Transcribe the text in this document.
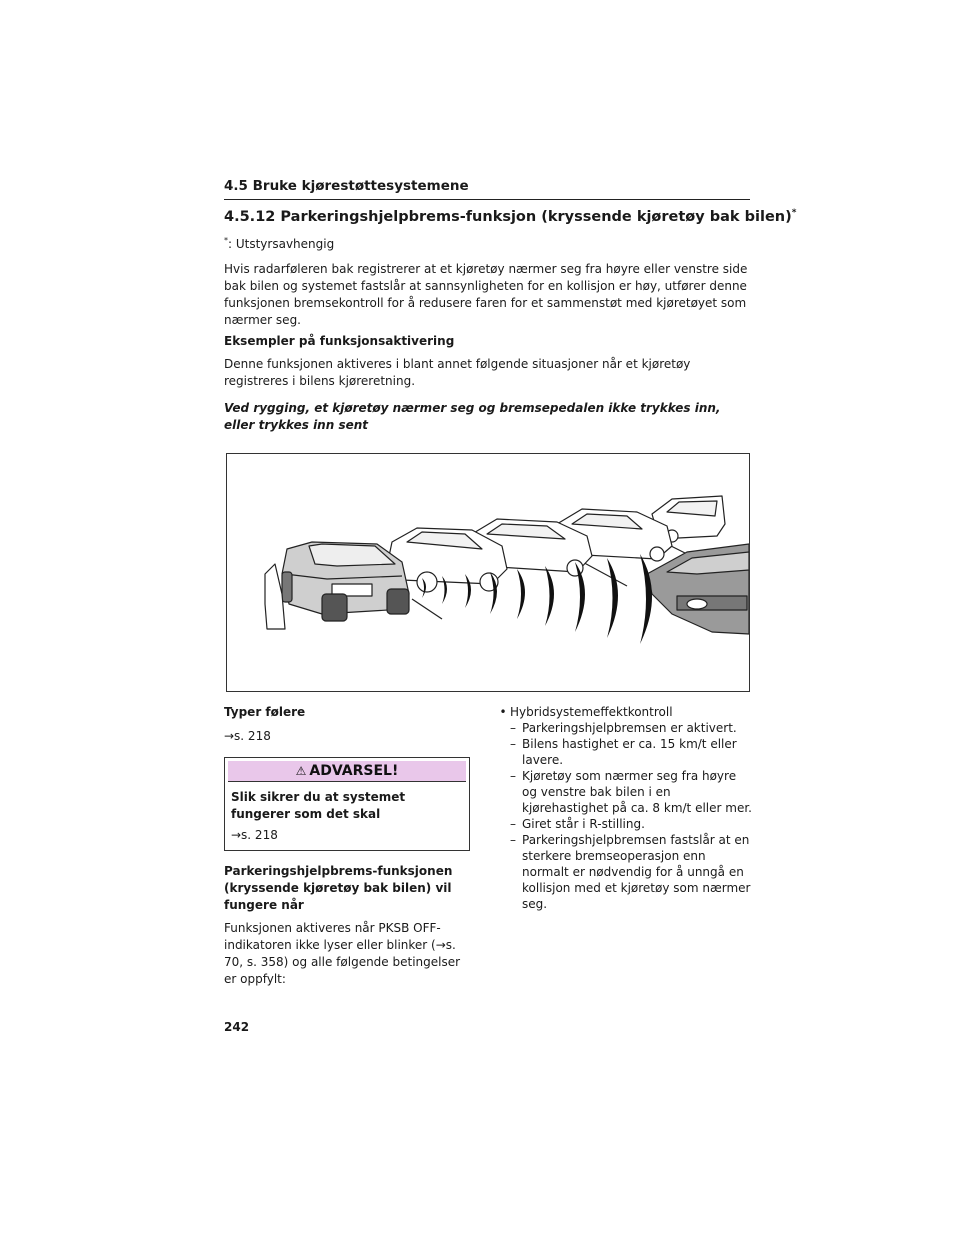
4.5 Bruke kjørestøttesystemene
4.5.12 Parkeringshjelpbrems-funksjon (kryssende kjøretøy bak bilen)*
*: Utstyrsavhengig

Hvis radarføleren bak registrerer at et kjøretøy nærmer seg fra høyre eller venstre side bak bilen og systemet fastslår at sannsynligheten for en kollisjon er høy, utfører denne funksjonen bremsekontroll for å redusere faren for et sammenstøt med kjøretøyet som nærmer seg.

Eksempler på funksjonsaktivering

Denne funksjonen aktiveres i blant annet følgende situasjoner når et kjøretøy registreres i bilens kjøreretning.

Ved rygging, et kjøretøy nærmer seg og bremsepedalen ikke trykkes inn, eller trykkes inn sent

Typer følere

→s. 218

⚠ ADVARSEL!

Slik sikrer du at systemet fungerer som det skal

→s. 218

Parkeringshjelpbrems-funksjonen (kryssende kjøretøy bak bilen) vil fungere når

Funksjonen aktiveres når PKSB OFF-indikatoren ikke lyser eller blinker (→s. 70, s. 358) og alle følgende betingelser er oppfylt:

• Hybridsystemeffektkontroll
– Parkeringshjelpbremsen er aktivert.
– Bilens hastighet er ca. 15 km/t eller lavere.
– Kjøretøy som nærmer seg fra høyre og venstre bak bilen i en kjørehastighet på ca. 8 km/t eller mer.
– Giret står i R-stilling.
– Parkeringshjelpbremsen fastslår at en sterkere bremseoperasjon enn normalt er nødvendig for å unngå en kollisjon med et kjøretøy som nærmer seg.
242
